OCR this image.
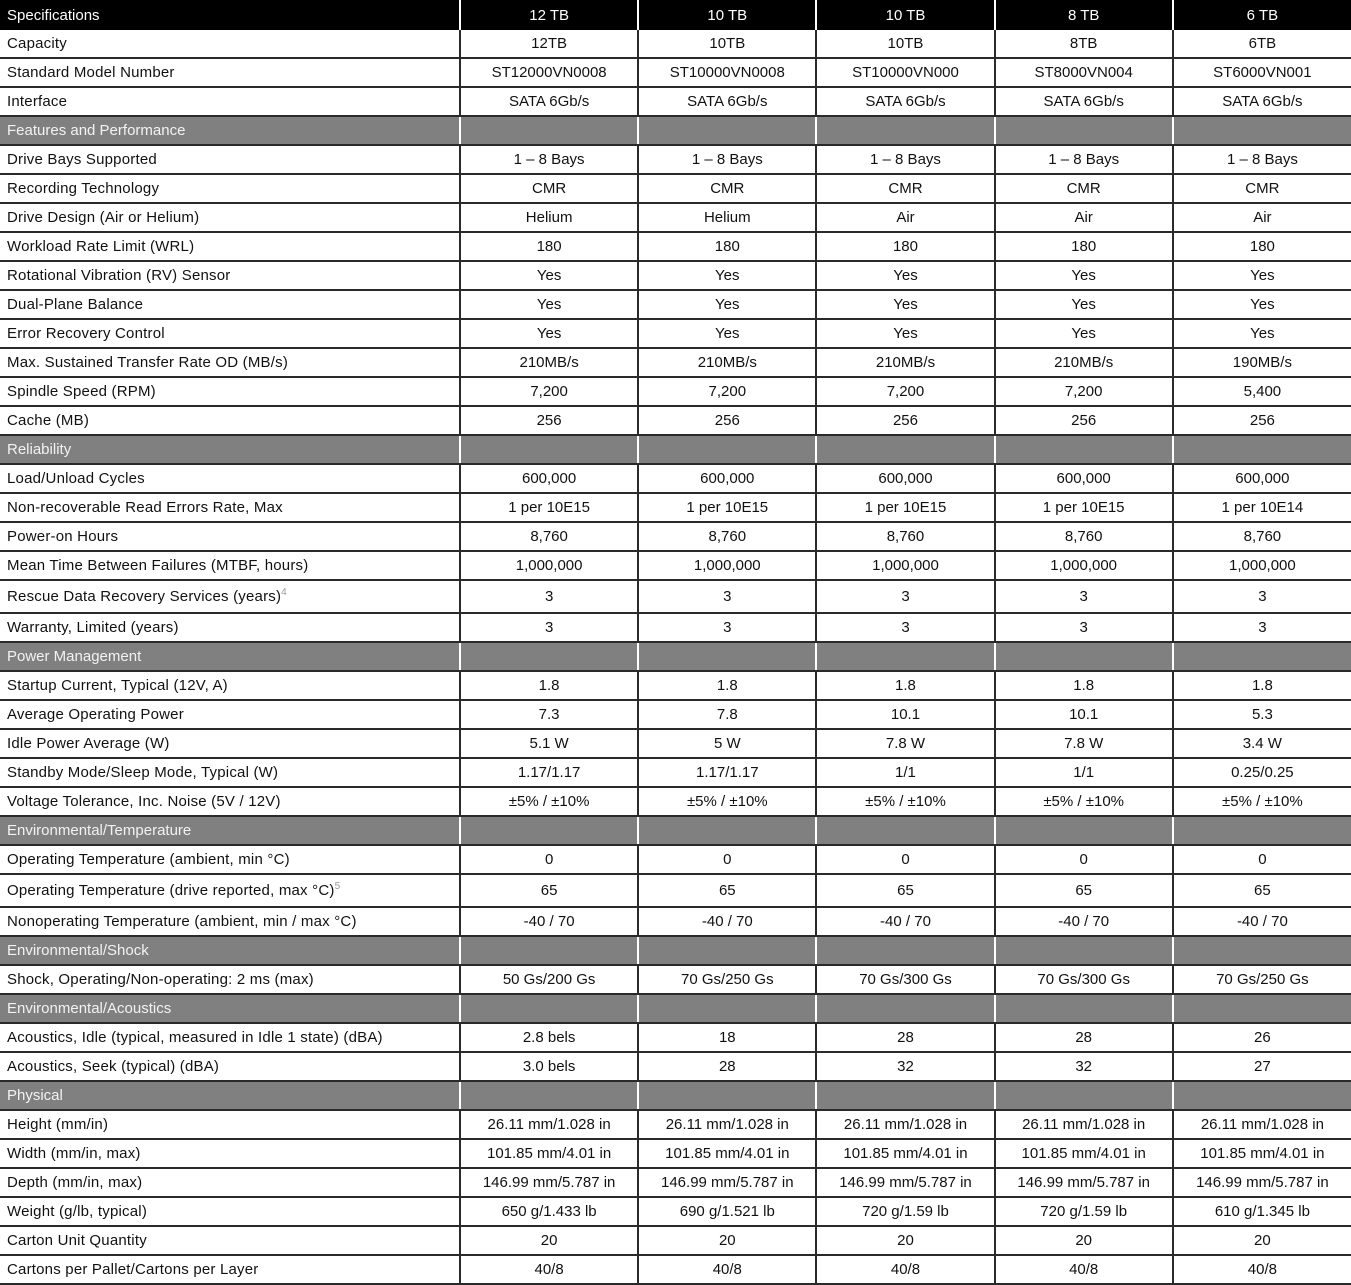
Specifications	12 TB	10 TB	10 TB	8 TB	6 TB
Capacity	12TB	10TB	10TB	8TB	6TB
Standard Model Number	ST12000VN0008	ST10000VN0008	ST10000VN000	ST8000VN004	ST6000VN001
Interface	SATA 6Gb/s	SATA 6Gb/s	SATA 6Gb/s	SATA 6Gb/s	SATA 6Gb/s
Features and Performance					
Drive Bays Supported	1 – 8 Bays	1 – 8 Bays	1 – 8 Bays	1 – 8 Bays	1 – 8 Bays
Recording Technology	CMR	CMR	CMR	CMR	CMR
Drive Design (Air or Helium)	Helium	Helium	Air	Air	Air
Workload Rate Limit (WRL)	180	180	180	180	180
Rotational Vibration (RV) Sensor	Yes	Yes	Yes	Yes	Yes
Dual-Plane Balance	Yes	Yes	Yes	Yes	Yes
Error Recovery Control	Yes	Yes	Yes	Yes	Yes
Max. Sustained Transfer Rate OD (MB/s)	210MB/s	210MB/s	210MB/s	210MB/s	190MB/s
Spindle Speed (RPM)	7,200	7,200	7,200	7,200	5,400
Cache (MB)	256	256	256	256	256
Reliability					
Load/Unload Cycles	600,000	600,000	600,000	600,000	600,000
Non-recoverable Read Errors Rate, Max	1 per 10E15	1 per 10E15	1 per 10E15	1 per 10E15	1 per 10E14
Power-on Hours	8,760	8,760	8,760	8,760	8,760
Mean Time Between Failures (MTBF, hours)	1,000,000	1,000,000	1,000,000	1,000,000	1,000,000
Rescue Data Recovery Services (years)$^4$	3	3	3	3	3
Warranty, Limited (years)	3	3	3	3	3
Power Management					
Startup Current, Typical (12V, A)	1.8	1.8	1.8	1.8	1.8
Average Operating Power	7.3	7.8	10.1	10.1	5.3
Idle Power Average (W)	5.1 W	5 W	7.8 W	7.8 W	3.4 W
Standby Mode/Sleep Mode, Typical (W)	1.17/1.17	1.17/1.17	1/1	1/1	0.25/0.25
Voltage Tolerance, Inc. Noise (5V / 12V)	±5% / ±10%	±5% / ±10%	±5% / ±10%	±5% / ±10%	±5% / ±10%
Environmental/Temperature					
Operating Temperature (ambient, min °C)	0	0	0	0	0
Operating Temperature (drive reported, max °C)$^5$	65	65	65	65	65
Nonoperating Temperature (ambient, min / max °C)	-40 / 70	-40 / 70	-40 / 70	-40 / 70	-40 / 70
Environmental/Shock					
Shock, Operating/Non-operating: 2 ms (max)	50 Gs/200 Gs	70 Gs/250 Gs	70 Gs/300 Gs	70 Gs/300 Gs	70 Gs/250 Gs
Environmental/Acoustics					
Acoustics, Idle (typical, measured in Idle 1 state) (dBA)	2.8 bels	18	28	28	26
Acoustics, Seek (typical) (dBA)	3.0 bels	28	32	32	27
Physical					
Height (mm/in)	26.11 mm/1.028 in	26.11 mm/1.028 in	26.11 mm/1.028 in	26.11 mm/1.028 in	26.11 mm/1.028 in
Width (mm/in, max)	101.85 mm/4.01 in	101.85 mm/4.01 in	101.85 mm/4.01 in	101.85 mm/4.01 in	101.85 mm/4.01 in
Depth (mm/in, max)	146.99 mm/5.787 in	146.99 mm/5.787 in	146.99 mm/5.787 in	146.99 mm/5.787 in	146.99 mm/5.787 in
Weight (g/lb, typical)	650 g/1.433 lb	690 g/1.521 lb	720 g/1.59 lb	720 g/1.59 lb	610 g/1.345 lb
Carton Unit Quantity	20	20	20	20	20
Cartons per Pallet/Cartons per Layer	40/8	40/8	40/8	40/8	40/8
